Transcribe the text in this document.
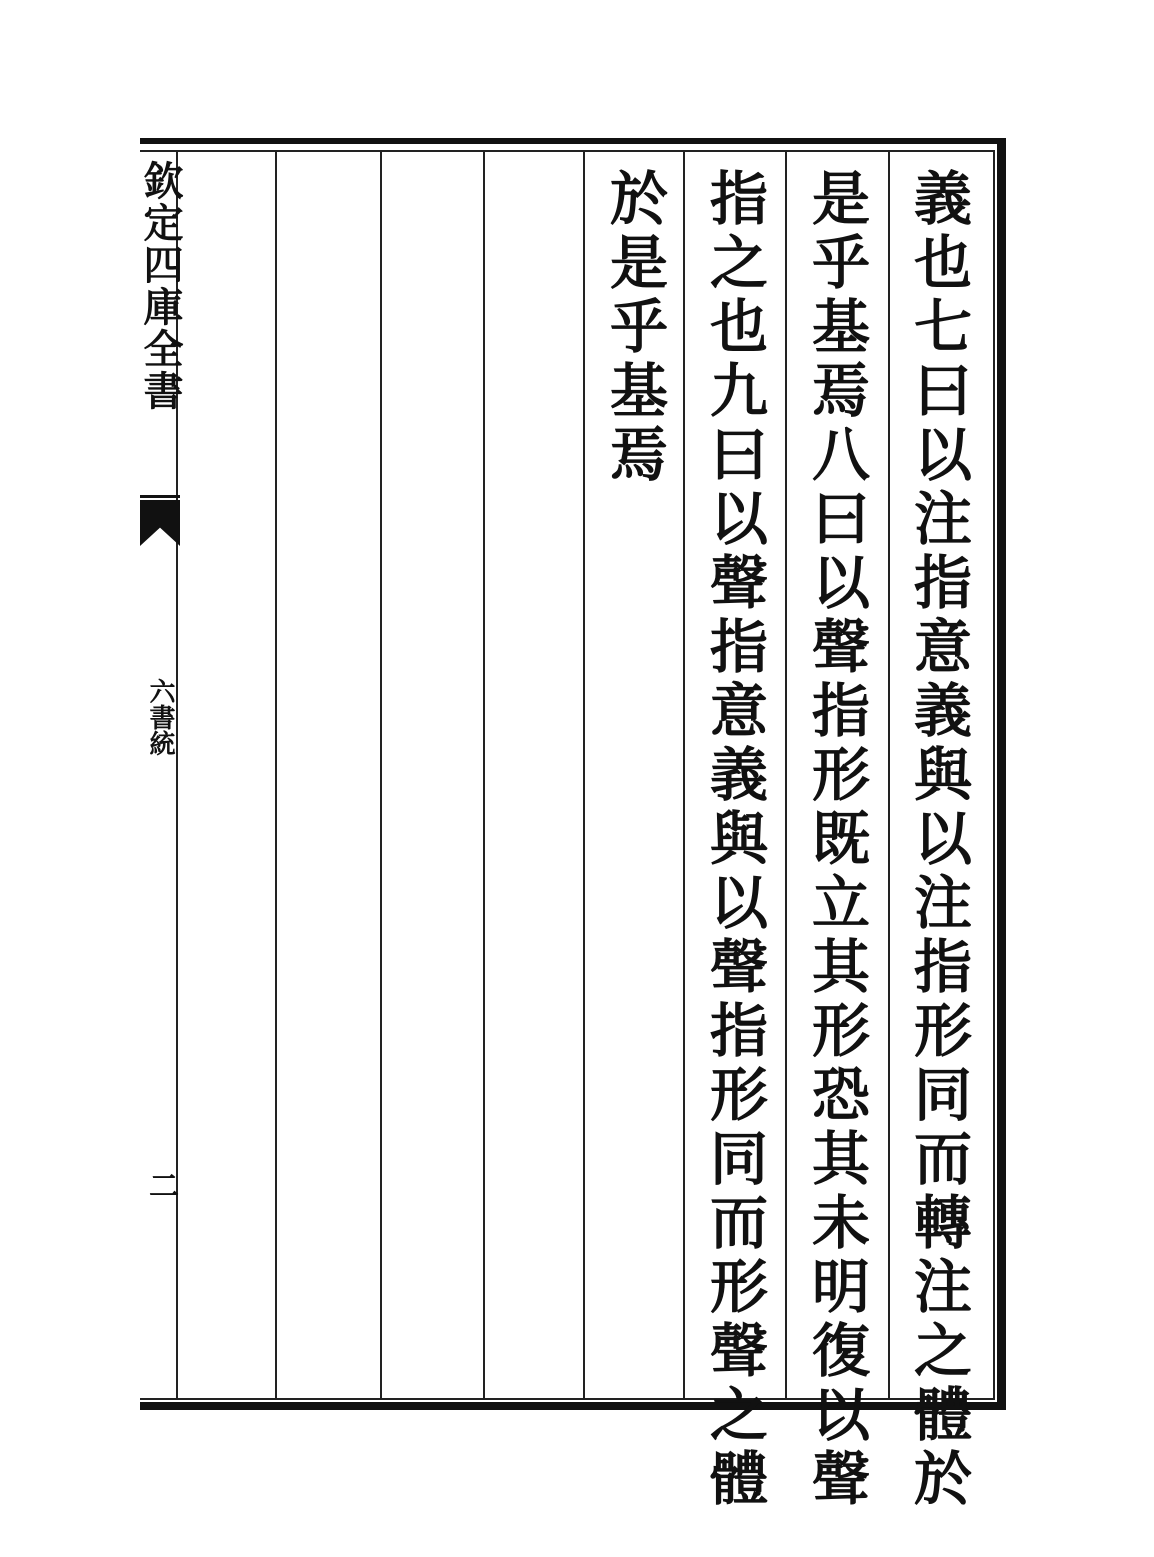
欽定四庫全書
六書統
二	義也七曰以注指意義與以注指形同而轉注之體於
是乎基焉八曰以聲指形既立其形恐其未明復以聲
指之也九曰以聲指意義與以聲指形同而形聲之體
於是乎基焉
